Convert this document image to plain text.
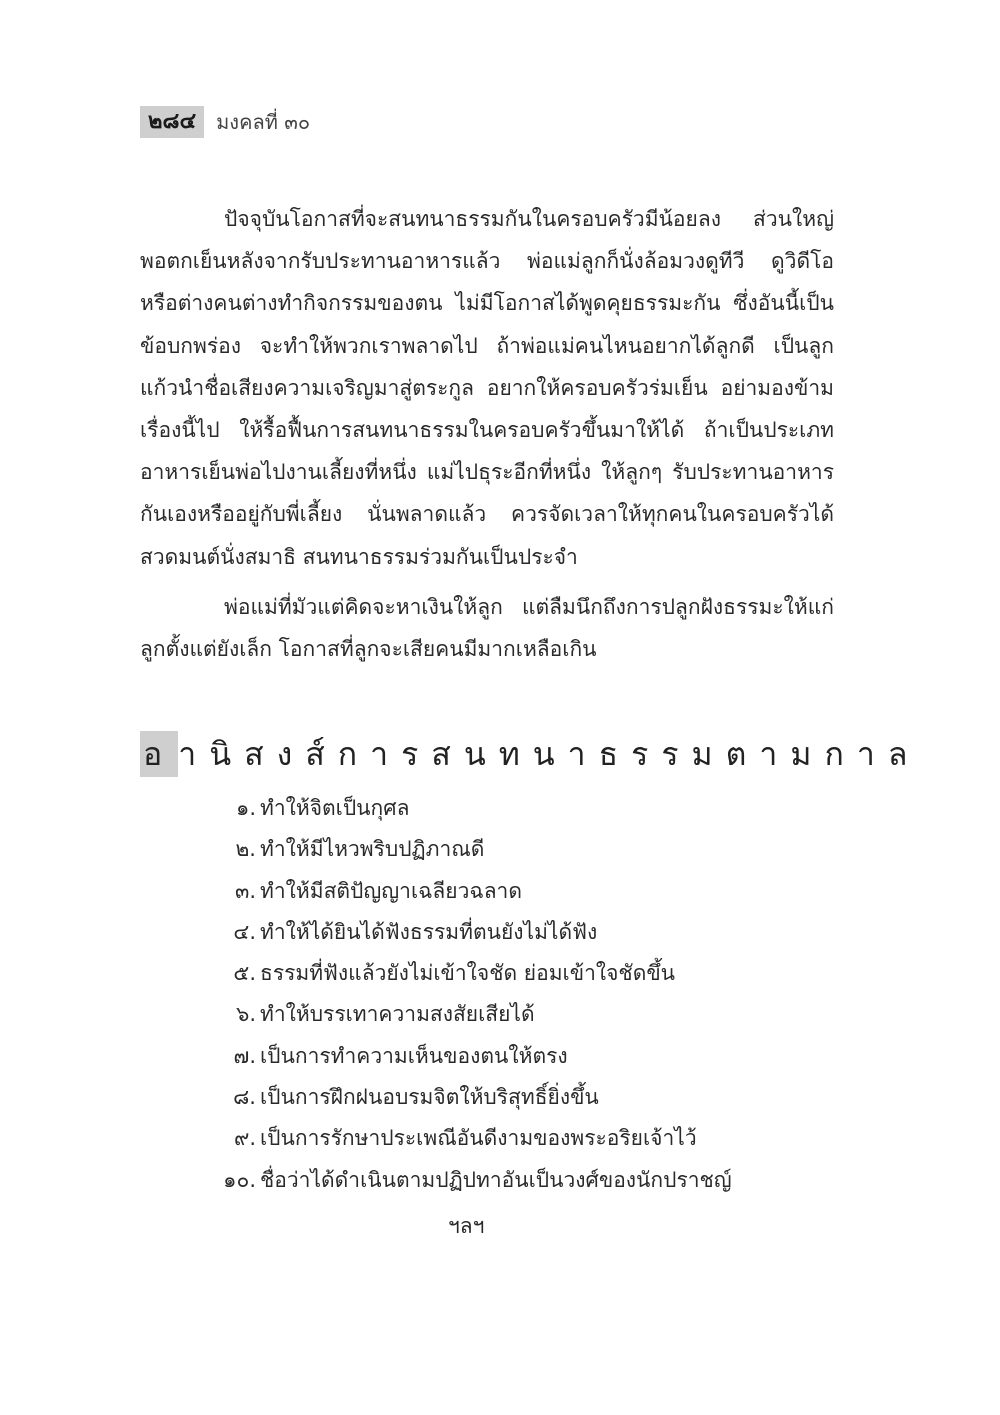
๒๘๔	มงคลที่ ๓๐

ปัจจุบันโอกาสที่จะสนทนาธรรมกันในครอบครัวมีน้อยลง ส่วนใหญ่พอตกเย็นหลังจากรับประทานอาหารแล้ว พ่อแม่ลูกก็นั่งล้อมวงดูทีวี ดูวิดีโอ หรือต่างคนต่างทำกิจกรรมของตน ไม่มีโอกาสได้พูดคุยธรรมะกัน ซึ่งอันนี้เป็นข้อบกพร่อง จะทำให้พวกเราพลาดไป ถ้าพ่อแม่คนไหนอยากได้ลูกดี เป็นลูกแก้วนำชื่อเสียงความเจริญมาสู่ตระกูล อยากให้ครอบครัวร่มเย็น อย่ามองข้ามเรื่องนี้ไป ให้รื้อฟื้นการสนทนาธรรมในครอบครัวขึ้นมาให้ได้ ถ้าเป็นประเภทอาหารเย็นพ่อไปงานเลี้ยงที่หนึ่ง แม่ไปธุระอีกที่หนึ่ง ให้ลูกๆ รับประทานอาหารกันเองหรืออยู่กับพี่เลี้ยง นั่นพลาดแล้ว ควรจัดเวลาให้ทุกคนในครอบครัวได้สวดมนต์นั่งสมาธิ สนทนาธรรมร่วมกันเป็นประจำ

พ่อแม่ที่มัวแต่คิดจะหาเงินให้ลูก แต่ลืมนึกถึงการปลูกฝังธรรมะให้แก่ลูกตั้งแต่ยังเล็ก โอกาสที่ลูกจะเสียคนมีมากเหลือเกิน

อ านิสงส์การสนทนาธรรมตามกาล
๑. ทำให้จิตเป็นกุศล
๒. ทำให้มีไหวพริบปฏิภาณดี
๓. ทำให้มีสติปัญญาเฉลียวฉลาด
๔. ทำให้ได้ยินได้ฟังธรรมที่ตนยังไม่ได้ฟัง
๕. ธรรมที่ฟังแล้วยังไม่เข้าใจชัด ย่อมเข้าใจชัดขึ้น
๖. ทำให้บรรเทาความสงสัยเสียได้
๗. เป็นการทำความเห็นของตนให้ตรง
๘. เป็นการฝึกฝนอบรมจิตให้บริสุทธิ์ยิ่งขึ้น
๙. เป็นการรักษาประเพณีอันดีงามของพระอริยเจ้าไว้
๑๐. ชื่อว่าได้ดำเนินตามปฏิปทาอันเป็นวงศ์ของนักปราชญ์
ฯลฯ
